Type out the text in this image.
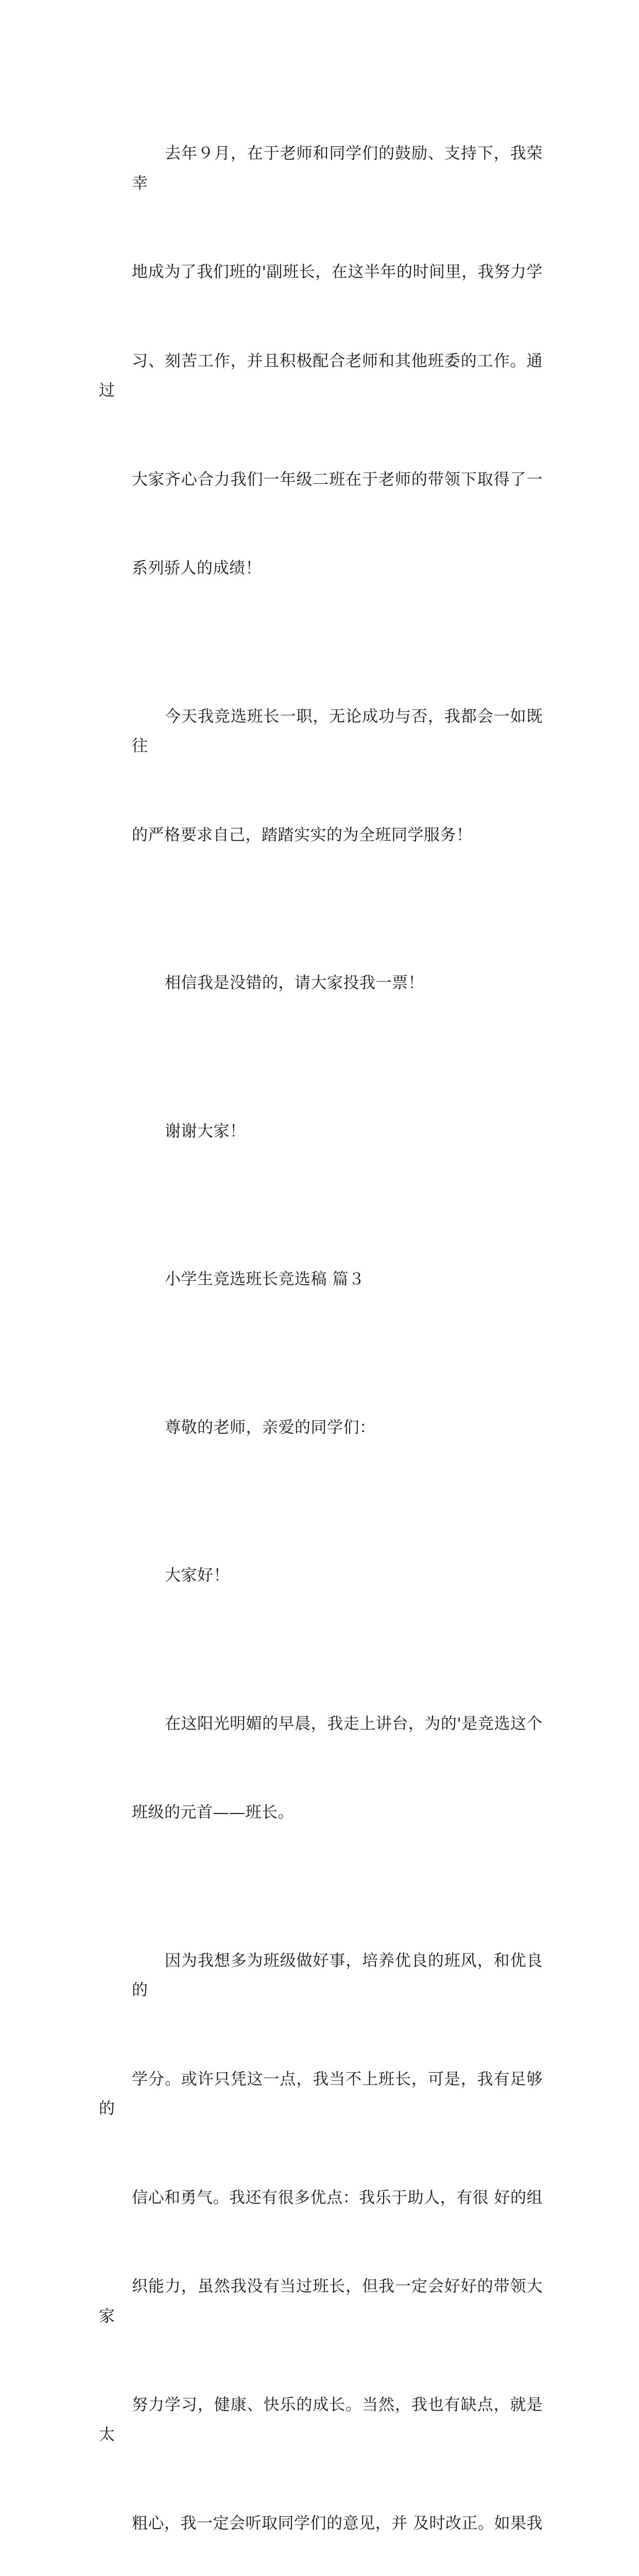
去年９月，在于老师和同学们的鼓励、支持下，我荣幸

地成为了我们班的'副班长，在这半年的时间里，我努力学

习、刻苦工作，并且积极配合老师和其他班委的工作。通过

大家齐心合力我们一年级二班在于老师的带领下取得了一

系列骄人的成绩！

今天我竞选班长一职，无论成功与否，我都会一如既往

的严格要求自己，踏踏实实的为全班同学服务！

相信我是没错的，请大家投我一票！

谢谢大家！

小学生竞选班长竞选稿 篇３

尊敬的老师，亲爱的同学们：

大家好！

在这阳光明媚的早晨，我走上讲台，为的'是竞选这个

班级的元首——班长。

因为我想多为班级做好事，培养优良的班风，和优良的

学分。或许只凭这一点，我当不上班长，可是，我有足够的

信心和勇气。我还有很多优点：我乐于助人，有很 好的组

织能力，虽然我没有当过班长，但我一定会好好的带领大家

努力学习，健康、快乐的成长。当然，我也有缺点，就是太

粗心，我一定会听取同学们的意见，并 及时改正。如果我
